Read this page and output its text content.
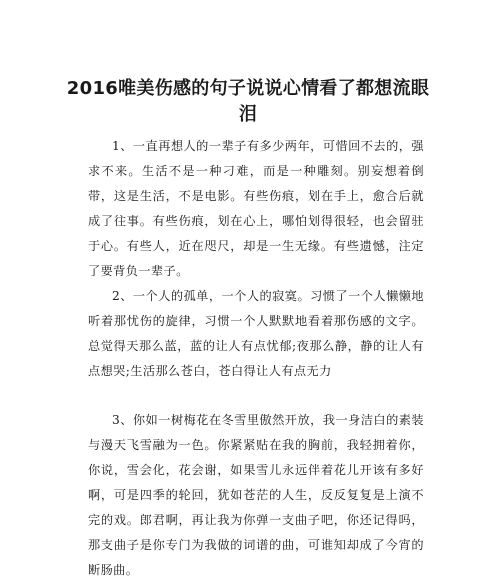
2016唯美伤感的句子说说心情看了都想流眼泪

1、一直再想人的一辈子有多少两年，可惜回不去的，强求不来。生活不是一种刁难，而是一种雕刻。别妄想着倒带，这是生活，不是电影。有些伤痕，划在手上，愈合后就成了往事。有些伤痕，划在心上，哪怕划得很轻，也会留驻于心。有些人，近在咫尺，却是一生无缘。有些遗憾，注定了要背负一辈子。

2、一个人的孤单，一个人的寂寞。习惯了一个人懒懒地听着那忧伤的旋律，习惯一个人默默地看着那伤感的文字。总觉得天那么蓝，蓝的让人有点忧郁;夜那么静，静的让人有点想哭;生活那么苍白，苍白得让人有点无力

3、你如一树梅花在冬雪里傲然开放，我一身洁白的素装与漫天飞雪融为一色。你紧紧贴在我的胸前，我轻拥着你，你说，雪会化，花会谢，如果雪儿永远伴着花儿开该有多好啊，可是四季的轮回，犹如苍茫的人生，反反复复是上演不完的戏。郎君啊，再让我为你弹一支曲子吧，你还记得吗，那支曲子是你专门为我做的词谱的曲，可谁知却成了今宵的断肠曲。
